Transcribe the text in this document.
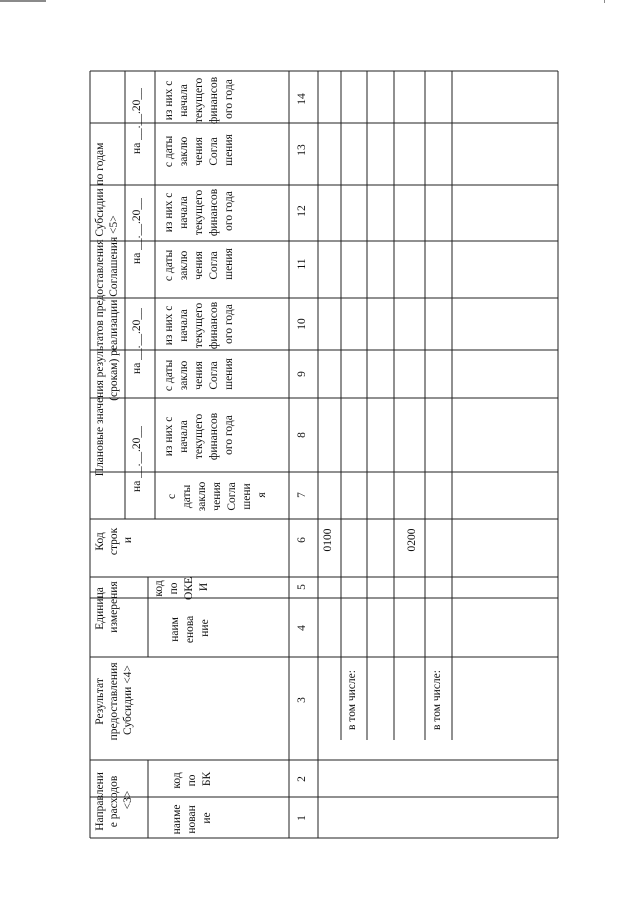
Направлени е расходов <3>
наиме нован ие
код по БК
Результат предоставления Субсидии <4>
Единица измерения	наим енова ние
код по ОКЕ И
Код строк и
Плановые значения результатов предоставления Субсидии по годам (срокам) реализации Соглашения <5>
на __.__.20__
на __.__.20__
на __.__.20__
на __.__.20__
с даты заклю чения Согла шени я
из них с начала текущего финансов ого года
с даты заклю чения Согла шения
из них с начала текущего финансов ого года
с даты заклю чения Согла шения
из них с начала текущего финансов ого года
с даты заклю чения Согла шения
из них с начала текущего финансов ого года
1
2
3
4
5
6
7
8
9
10
11
12
13
14
0100
в том числе:
0200
в том числе:
